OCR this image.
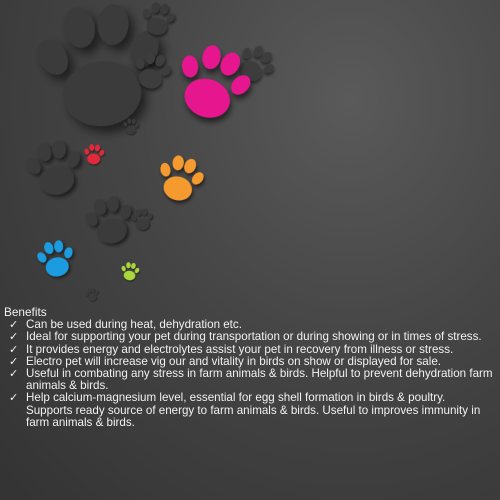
Benefits
✓ Can be used during heat, dehydration etc.
✓ Ideal for supporting your pet during transportation or during showing or in times of stress.
✓ It provides energy and electrolytes assist your pet in recovery from illness or stress.
✓ Electro pet will increase vig our and vitality in birds on show or displayed for sale.
✓ Useful in combating any stress in farm animals & birds. Helpful to prevent dehydration farm animals & birds.
✓ Help calcium-magnesium level, essential for egg shell formation in birds & poultry. Supports ready source of energy to farm animals & birds. Useful to improves immunity in farm animals & birds.
